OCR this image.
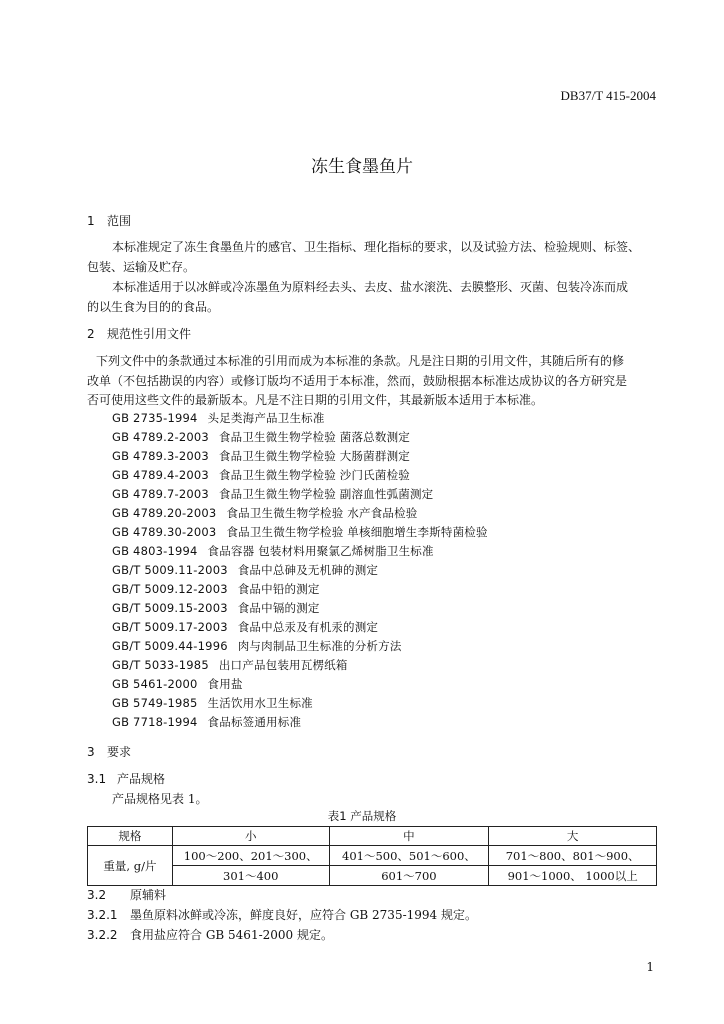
DB37/T 415-2004
冻生食墨鱼片
1 范围
本标准规定了冻生食墨鱼片的感官、卫生指标、理化指标的要求，以及试验方法、检验规则、标签、
包装、运输及贮存。
本标准适用于以冰鲜或冷冻墨鱼为原料经去头、去皮、盐水滚洗、去膜整形、灭菌、包装冷冻而成
的以生食为目的的食品。
2 规范性引用文件
下列文件中的条款通过本标准的引用而成为本标准的条款。凡是注日期的引用文件，其随后所有的修
改单（不包括勘误的内容）或修订版均不适用于本标准，然而，鼓励根据本标准达成协议的各方研究是
否可使用这些文件的最新版本。凡是不注日期的引用文件，其最新版本适用于本标准。
GB 2735-1994 头足类海产品卫生标准
GB 4789.2-2003 食品卫生微生物学检验 菌落总数测定
GB 4789.3-2003 食品卫生微生物学检验 大肠菌群测定
GB 4789.4-2003 食品卫生微生物学检验 沙门氏菌检验
GB 4789.7-2003 食品卫生微生物学检验 副溶血性弧菌测定
GB 4789.20-2003 食品卫生微生物学检验 水产食品检验
GB 4789.30-2003 食品卫生微生物学检验 单核细胞增生李斯特菌检验
GB 4803-1994 食品容器 包装材料用聚氯乙烯树脂卫生标准
GB/T 5009.11-2003 食品中总砷及无机砷的测定
GB/T 5009.12-2003 食品中铅的测定
GB/T 5009.15-2003 食品中镉的测定
GB/T 5009.17-2003 食品中总汞及有机汞的测定
GB/T 5009.44-1996 肉与肉制品卫生标准的分析方法
GB/T 5033-1985 出口产品包装用瓦楞纸箱
GB 5461-2000 食用盐
GB 5749-1985 生活饮用水卫生标准
GB 7718-1994 食品标签通用标准
3 要求
3.1 产品规格
产品规格见表 1。
表1 产品规格
规格	小	中	大
重量, g/片	100～200、201～300、	401～500、501～600、	701～800、801～900、
	301～400	601～700	901～1000、 1000以上
3.2 原辅料
3.2.1 墨鱼原料冰鲜或冷冻，鲜度良好，应符合 GB 2735-1994 规定。
3.2.2 食用盐应符合 GB 5461-2000 规定。
1
